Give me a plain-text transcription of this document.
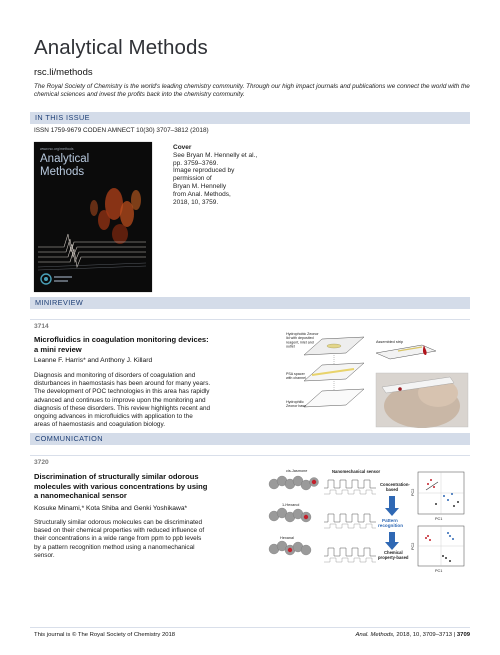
Analytical Methods
rsc.li/methods
The Royal Society of Chemistry is the world's leading chemistry community. Through our high impact journals and publications we connect the world with the chemical sciences and invest the profits back into the chemistry community.
IN THIS ISSUE
ISSN 1759-9679 CODEN AMNECT 10(30) 3707–3812 (2018)
www.rsc.org/methods
Analytical
Methods
Cover
See Bryan M. Hennelly et al.,
pp. 3759–3769.
Image reproduced by
permission of
Bryan M. Hennelly
from Anal. Methods,
2018, 10, 3759.
MINIREVIEW
3714
Microfluidics in coagulation monitoring devices:
a mini review
Leanne F. Harris* and Anthony J. Killard
Diagnosis and monitoring of disorders of coagulation and
disturbances in haemostasis has been around for many years.
The development of POC technologies in this area has rapidly
advanced and continues to improve upon the monitoring and
diagnosis of these disorders. This review highlights recent and
ongoing advances in microfluidics with application to the
areas of haemostasis and coagulation biology.
Hydrophobic Zeonor lid with deposited reagent, inlet and outlet
PSA spacer with channel
Hydrophilic Zeonor base
Assembled strip
COMMUNICATION
3720
Discrimination of structurally similar odorous
molecules with various concentrations by using
a nanomechanical sensor
Kosuke Minami,* Kota Shiba and Genki Yoshikawa*
Structurally similar odorous molecules can be discriminated
based on their chemical properties with reduced influence of
their concentrations in a wide range from ppm to ppb levels
by a pattern recognition method using a nanomechanical
sensor.
cis-Jasmone
1-Hexanol
Hexanal
Nanomechanical sensor
Concentration-based
Pattern recognition
Chemical property-based
PC1
PC2
PC1
PC2
This journal is © The Royal Society of Chemistry 2018	Anal. Methods, 2018, 10, 3709–3713 | 3709
